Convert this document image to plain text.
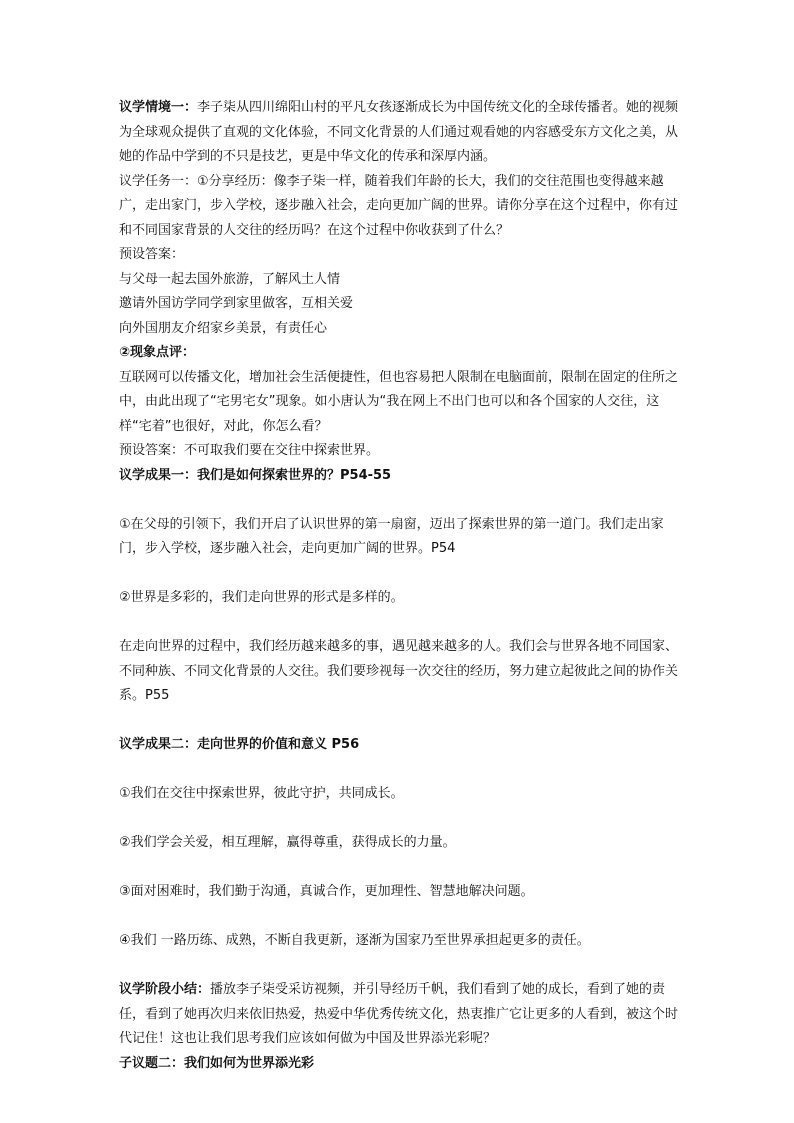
议学情境一：李子柒从四川绵阳山村的平凡女孩逐渐成长为中国传统文化的全球传播者。她的视频为全球观众提供了直观的文化体验，不同文化背景的人们通过观看她的内容感受东方文化之美，从她的作品中学到的不只是技艺，更是中华文化的传承和深厚内涵。

议学任务一：①分享经历：像李子柒一样，随着我们年龄的长大，我们的交往范围也变得越来越广，走出家门，步入学校，逐步融入社会，走向更加广阔的世界。请你分享在这个过程中，你有过和不同国家背景的人交往的经历吗？在这个过程中你收获到了什么？

预设答案：

与父母一起去国外旅游，了解风土人情

邀请外国访学同学到家里做客，互相关爱

向外国朋友介绍家乡美景，有责任心

②现象点评：

互联网可以传播文化，增加社会生活便捷性，但也容易把人限制在电脑面前，限制在固定的住所之中，由此出现了“宅男宅女”现象。如小唐认为“我在网上不出门也可以和各个国家的人交往，这样“宅着”也很好，对此，你怎么看？

预设答案：不可取我们要在交往中探索世界。

议学成果一：我们是如何探索世界的？P54-55

①在父母的引领下，我们开启了认识世界的第一扇窗，迈出了探索世界的第一道门。我们走出家门，步入学校，逐步融入社会，走向更加广阔的世界。P54

②世界是多彩的，我们走向世界的形式是多样的。

在走向世界的过程中，我们经历越来越多的事，遇见越来越多的人。我们会与世界各地不同国家、不同种族、不同文化背景的人交往。我们要珍视每一次交往的经历，努力建立起彼此之间的协作关系。P55

议学成果二：走向世界的价值和意义 P56

①我们在交往中探索世界，彼此守护，共同成长。

②我们学会关爱，相互理解，赢得尊重，获得成长的力量。

③面对困难时，我们勤于沟通，真诚合作，更加理性、智慧地解决问题。

④我们 一路历练、成熟，不断自我更新，逐渐为国家乃至世界承担起更多的责任。

议学阶段小结：播放李子柒受采访视频，并引导经历千帆，我们看到了她的成长，看到了她的责任，看到了她再次归来依旧热爱，热爱中华优秀传统文化，热衷推广它让更多的人看到，被这个时代记住！这也让我们思考我们应该如何做为中国及世界添光彩呢？

子议题二：我们如何为世界添光彩
